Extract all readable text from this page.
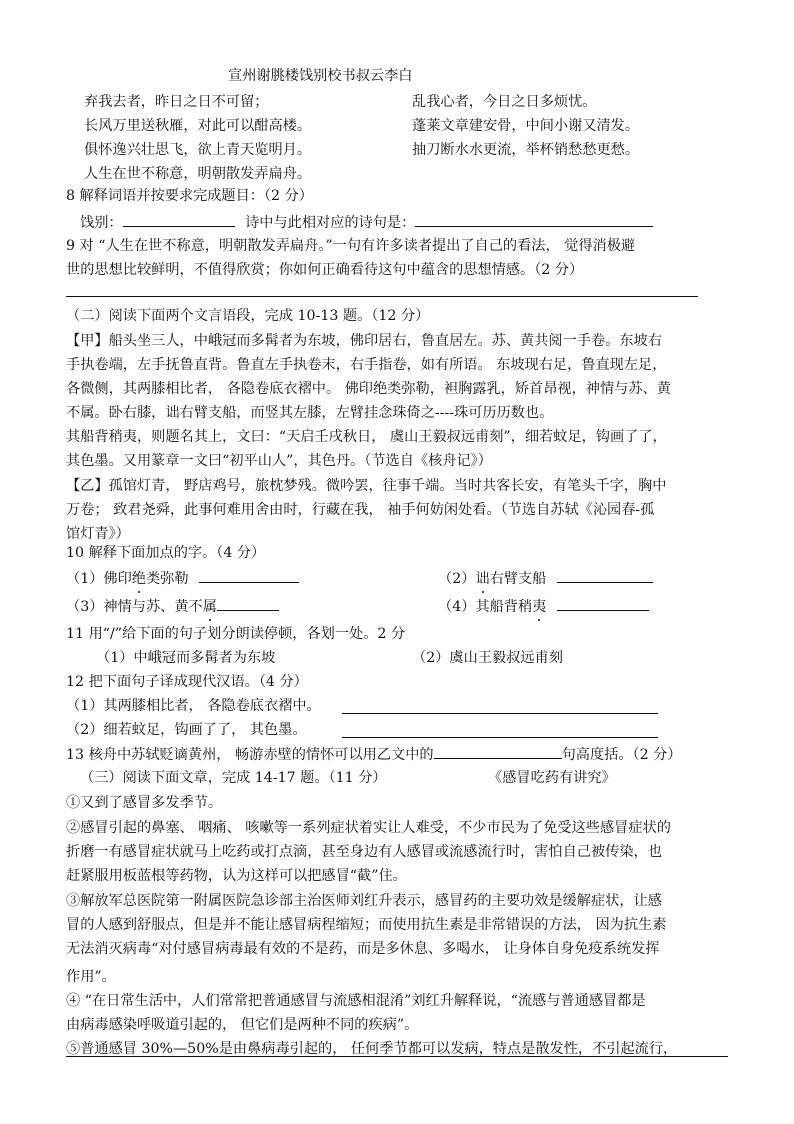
宣州谢朓楼饯别校书叔云李白
弃我去者，昨日之日不可留；	乱我心者，今日之日多烦忧。
长风万里送秋雁，对此可以酣高楼。	蓬莱文章建安骨，中间小谢又清发。
俱怀逸兴壮思飞，欲上青天览明月。	抽刀断水水更流，举杯销愁愁更愁。
人生在世不称意，明朝散发弄扁舟。
8 解释词语并按要求完成题目：（2 分）
饯别：	诗中与此相对应的诗句是：
9 对 “人生在世不称意，明朝散发弄扁舟。”一句有许多读者提出了自己的看法， 觉得消极避
世的思想比较鲜明，不值得欣赏；你如何正确看待这句中蕴含的思想情感。（2 分）
（二）阅读下面两个文言语段，完成 10-13 题。（12 分）
【甲】船头坐三人，中峨冠而多髯者为东坡，佛印居右，鲁直居左。苏、黄共阅一手卷。东坡右
手执卷端，左手抚鲁直背。鲁直左手执卷末，右手指卷，如有所语。 东坡现右足，鲁直现左足，
各微侧，其两膝相比者， 各隐卷底衣褶中。 佛印绝类弥勒，袒胸露乳，矫首昂视，神情与苏、黄
不属。卧右膝，诎右臂支船，而竖其左膝，左臂挂念珠倚之----珠可历历数也。
其船背稍夷，则题名其上，文曰：“天启壬戌秋日， 虞山王毅叔远甫刻”，细若蚊足，钩画了了，
其色墨。又用篆章一文曰“初平山人”，其色丹。（节选自《核舟记》）
【乙】孤馆灯青， 野店鸡号，旅枕梦残。微吟罢，往事千端。当时共客长安，有笔头千字，胸中
万卷； 致君尧舜，此事何难用舍由时，行藏在我， 袖手何妨闲处看。（节选自苏轼《沁园春-孤
馆灯青》）
10 解释下面加点的字。（4 分）
（1）佛印绝类弥勒	（2）诎右臂支船
（3）神情与苏、黄不属	（4）其船背稍夷
11 用“/”给下面的句子划分朗读停顿，各划一处。2 分
（1）中峨冠而多髯者为东坡	（2）虞山王毅叔远甫刻
12 把下面句子译成现代汉语。（4 分）
（1）其两膝相比者， 各隐卷底衣褶中。
（2）细若蚊足，钩画了了， 其色墨。
13 核舟中苏轼贬谪黄州， 畅游赤壁的情怀可以用乙文中的	句高度括。（2 分）
（三）阅读下面文章，完成 14-17 题。（11 分）	《感冒吃药有讲究》
①又到了感冒多发季节。
②感冒引起的鼻塞、 咽痛、 咳嗽等一系列症状着实让人难受，不少市民为了免受这些感冒症状的
折磨一有感冒症状就马上吃药或打点滴，甚至身边有人感冒或流感流行时，害怕自己被传染，也
赶紧服用板蓝根等药物，认为这样可以把感冒“截”住。
③解放军总医院第一附属医院急诊部主治医师刘红升表示，感冒药的主要功效是缓解症状，让感
冒的人感到舒服点，但是并不能让感冒病程缩短；而使用抗生素是非常错误的方法， 因为抗生素
无法消灭病毒“对付感冒病毒最有效的不是药，而是多休息、多喝水， 让身体自身免疫系统发挥
作用”。
④ “在日常生活中，人们常常把普通感冒与流感相混淆”刘红升解释说，“流感与普通感冒都是
由病毒感染呼吸道引起的， 但它们是两种不同的疾病”。
⑤普通感冒 30%—50%是由鼻病毒引起的， 任何季节都可以发病，特点是散发性，不引起流行，
